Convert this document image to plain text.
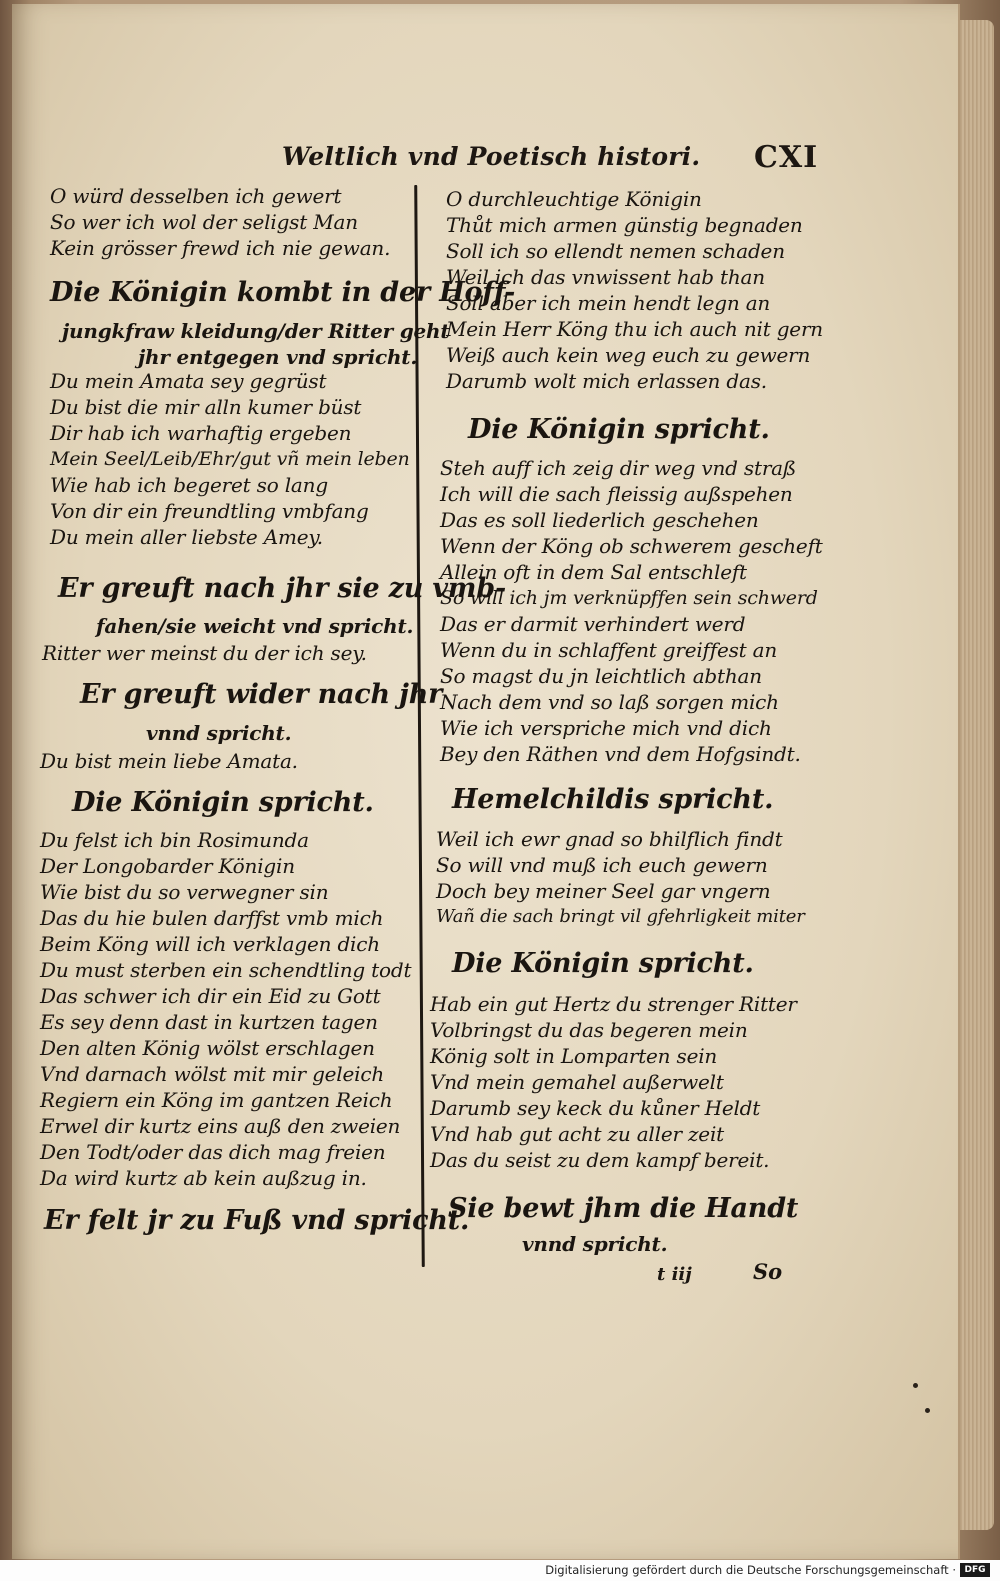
Weltlich vnd Poetisch histori. CXI
O würd desselben ich gewert
So wer ich wol der seligst Man
Kein grösser frewd ich nie gewan.
Die Königin kombt in der Hoff-
jungkfraw kleidung/der Ritter geht
jhr entgegen vnd spricht.
Du mein Amata sey gegrüst
Du bist die mir alln kumer büst
Dir hab ich warhaftig ergeben
Mein Seel/Leib/Ehr/gut vñ mein leben
Wie hab ich begeret so lang
Von dir ein freundtling vmbfang
Du mein aller liebste Amey.
Er greuft nach jhr sie zu vmb-
fahen/sie weicht vnd spricht.
Ritter wer meinst du der ich sey.
Er greuft wider nach jhr
vnnd spricht.
Du bist mein liebe Amata.
Die Königin spricht.
Du felst ich bin Rosimunda
Der Longobarder Königin
Wie bist du so verwegner sin
Das du hie bulen darffst vmb mich
Beim Köng will ich verklagen dich
Du must sterben ein schendtling todt
Das schwer ich dir ein Eid zu Gott
Es sey denn dast in kurtzen tagen
Den alten König wölst erschlagen
Vnd darnach wölst mit mir geleich
Regiern ein Köng im gantzen Reich
Erwel dir kurtz eins auß den zweien
Den Todt/oder das dich mag freien
Da wird kurtz ab kein außzug in.
Er felt jr zu Fuß vnd spricht.
O durchleuchtige Königin
Thůt mich armen günstig begnaden
Soll ich so ellendt nemen schaden
Weil ich das vnwissent hab than
Soll aber ich mein hendt legn an
Mein Herr Köng thu ich auch nit gern
Weiß auch kein weg euch zu gewern
Darumb wolt mich erlassen das.
Die Königin spricht.
Steh auff ich zeig dir weg vnd straß
Ich will die sach fleissig außspehen
Das es soll liederlich geschehen
Wenn der Köng ob schwerem gescheft
Allein oft in dem Sal entschleft
So will ich jm verknüpffen sein schwerd
Das er darmit verhindert werd
Wenn du in schlaffent greiffest an
So magst du jn leichtlich abthan
Nach dem vnd so laß sorgen mich
Wie ich verspriche mich vnd dich
Bey den Räthen vnd dem Hofgsindt.
Hemelchildis spricht.
Weil ich ewr gnad so bhilflich findt
So will vnd muß ich euch gewern
Doch bey meiner Seel gar vngern
Wañ die sach bringt vil gfehrligkeit miter
Die Königin spricht.
Hab ein gut Hertz du strenger Ritter
Volbringst du das begeren mein
König solt in Lomparten sein
Vnd mein gemahel außerwelt
Darumb sey keck du kůner Heldt
Vnd hab gut acht zu aller zeit
Das du seist zu dem kampf bereit.
Sie bewt jhm die Handt
vnnd spricht.
t iij	So
Digitalisierung gefördert durch die Deutsche Forschungsgemeinschaft · DFG
